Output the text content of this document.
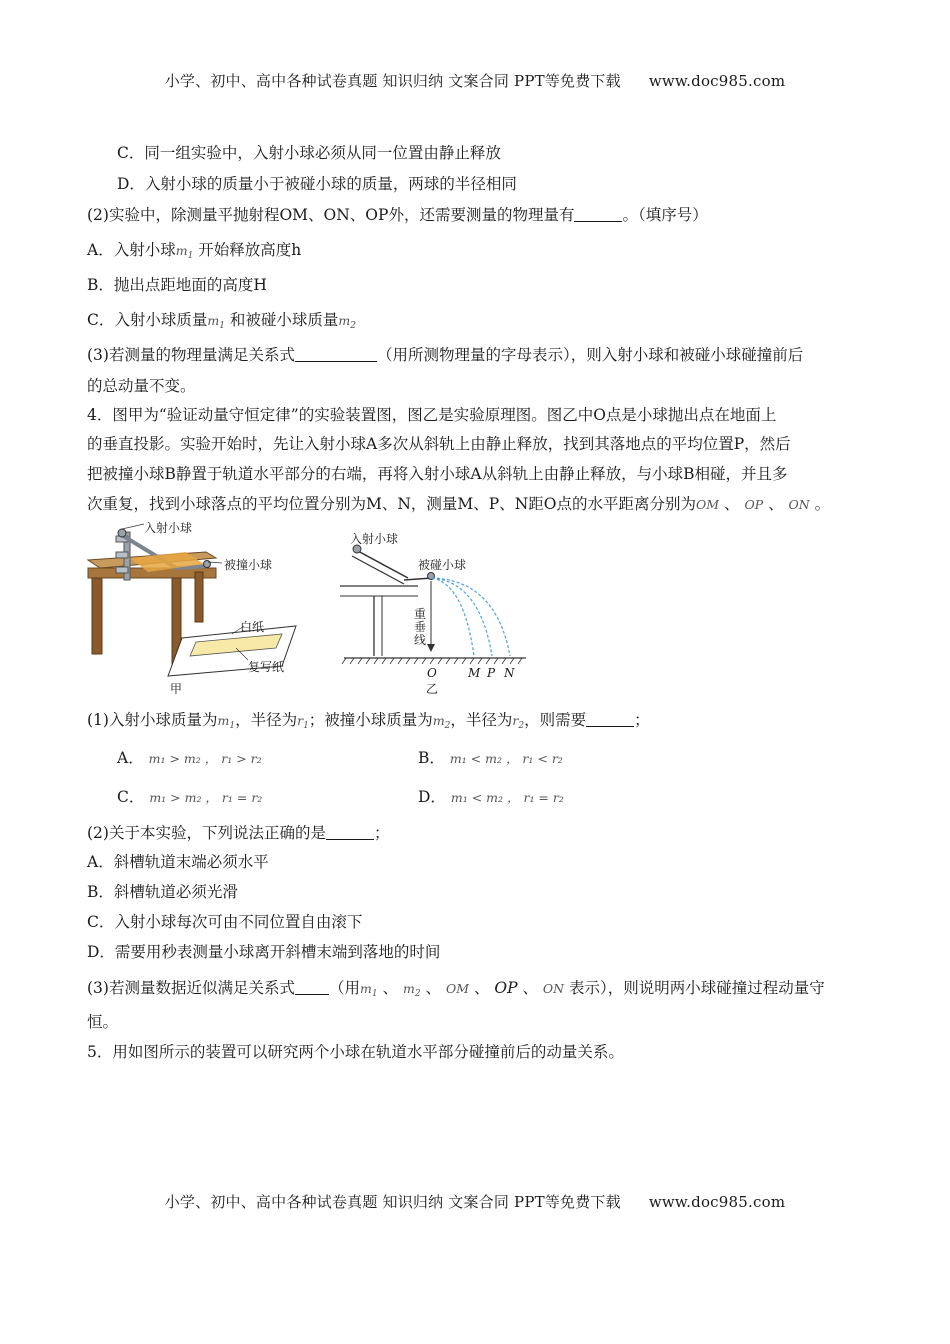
小学、初中、高中各种试卷真题 知识归纳 文案合同 PPT等免费下载 www.doc985.com
C．同一组实验中，入射小球必须从同一位置由静止释放
D．入射小球的质量小于被碰小球的质量，两球的半径相同
(2)实验中，除测量平抛射程OM、ON、OP外，还需要测量的物理量有	。（填序号）
A．入射小球$m_1$ 开始释放高度h
B．抛出点距地面的高度H
C．入射小球质量$m_1$ 和被碰小球质量$m_2$
(3)若测量的物理量满足关系式	（用所测物理量的字母表示），则入射小球和被碰小球碰撞前后
的总动量不变。
4．图甲为“验证动量守恒定律”的实验装置图，图乙是实验原理图。图乙中O点是小球抛出点在地面上
的垂直投影。实验开始时，先让入射小球A多次从斜轨上由静止释放，找到其落地点的平均位置P，然后
把被撞小球B静置于轨道水平部分的右端，再将入射小球A从斜轨上由静止释放，与小球B相碰，并且多
次重复，找到小球落点的平均位置分别为M、N，测量M、P、N距O点的水平距离分别为OM 、 OP 、 ON 。
入射小球
被撞小球
白纸
复写纸
甲
入射小球
被碰小球
重垂线
O	M P N
乙
(1)入射小球质量为$m_1$，半径为$r_1$；被撞小球质量为$m_2$，半径为$r_2$，则需要	；
A． m₁ > m₂ ， r₁ > r₂	B． m₁ < m₂ ， r₁ < r₂
C． m₁ > m₂ ， r₁ = r₂	D． m₁ < m₂ ， r₁ = r₂
(2)关于本实验，下列说法正确的是	；
A．斜槽轨道末端必须水平
B．斜槽轨道必须光滑
C．入射小球每次可由不同位置自由滚下
D．需要用秒表测量小球离开斜槽末端到落地的时间
(3)若测量数据近似满足关系式 （用$m_1$ 、 $m_2$ 、 OM 、 OP 、 ON 表示），则说明两小球碰撞过程动量守
恒。
5．用如图所示的装置可以研究两个小球在轨道水平部分碰撞前后的动量关系。
小学、初中、高中各种试卷真题 知识归纳 文案合同 PPT等免费下载 www.doc985.com
